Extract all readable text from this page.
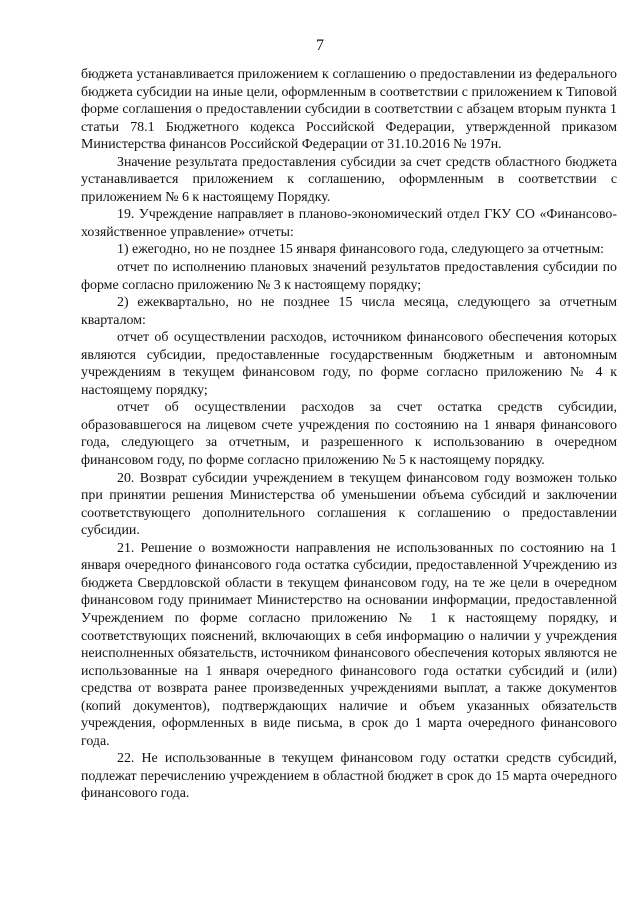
7

бюджета устанавливается приложением к соглашению о предоставлении из федерального бюджета субсидии на иные цели, оформленным в соответствии с приложением к Типовой форме соглашения о предоставлении субсидии в соответствии с абзацем вторым пункта 1 статьи 78.1 Бюджетного кодекса Российской Федерации, утвержденной приказом Министерства финансов Российской Федерации от 31.10.2016 № 197н.

Значение результата предоставления субсидии за счет средств областного бюджета устанавливается приложением к соглашению, оформленным в соответствии с приложением № 6 к настоящему Порядку.

19. Учреждение направляет в планово-экономический отдел ГКУ СО «Финансово-хозяйственное управление» отчеты:

1) ежегодно, но не позднее 15 января финансового года, следующего за отчетным:

отчет по исполнению плановых значений результатов предоставления субсидии по форме согласно приложению № 3 к настоящему порядку;

2) ежеквартально, но не позднее 15 числа месяца, следующего за отчетным кварталом:

отчет об осуществлении расходов, источником финансового обеспечения которых являются субсидии, предоставленные государственным бюджетным и автономным учреждениям в текущем финансовом году, по форме согласно приложению № 4 к настоящему порядку;

отчет об осуществлении расходов за счет остатка средств субсидии, образовавшегося на лицевом счете учреждения по состоянию на 1 января финансового года, следующего за отчетным, и разрешенного к использованию в очередном финансовом году, по форме согласно приложению № 5 к настоящему порядку.

20. Возврат субсидии учреждением в текущем финансовом году возможен только при принятии решения Министерства об уменьшении объема субсидий и заключении соответствующего дополнительного соглашения к соглашению о предоставлении субсидии.

21. Решение о возможности направления не использованных по состоянию на 1 января очередного финансового года остатка субсидии, предоставленной Учреждению из бюджета Свердловской области в текущем финансовом году, на те же цели в очередном финансовом году принимает Министерство на основании информации, предоставленной Учреждением по форме согласно приложению № 1 к настоящему порядку, и соответствующих пояснений, включающих в себя информацию о наличии у учреждения неисполненных обязательств, источником финансового обеспечения которых являются не использованные на 1 января очередного финансового года остатки субсидий и (или) средства от возврата ранее произведенных учреждениями выплат, а также документов (копий документов), подтверждающих наличие и объем указанных обязательств учреждения, оформленных в виде письма, в срок до 1 марта очередного финансового года.

22. Не использованные в текущем финансовом году остатки средств субсидий, подлежат перечислению учреждением в областной бюджет в срок до 15 марта очередного финансового года.
